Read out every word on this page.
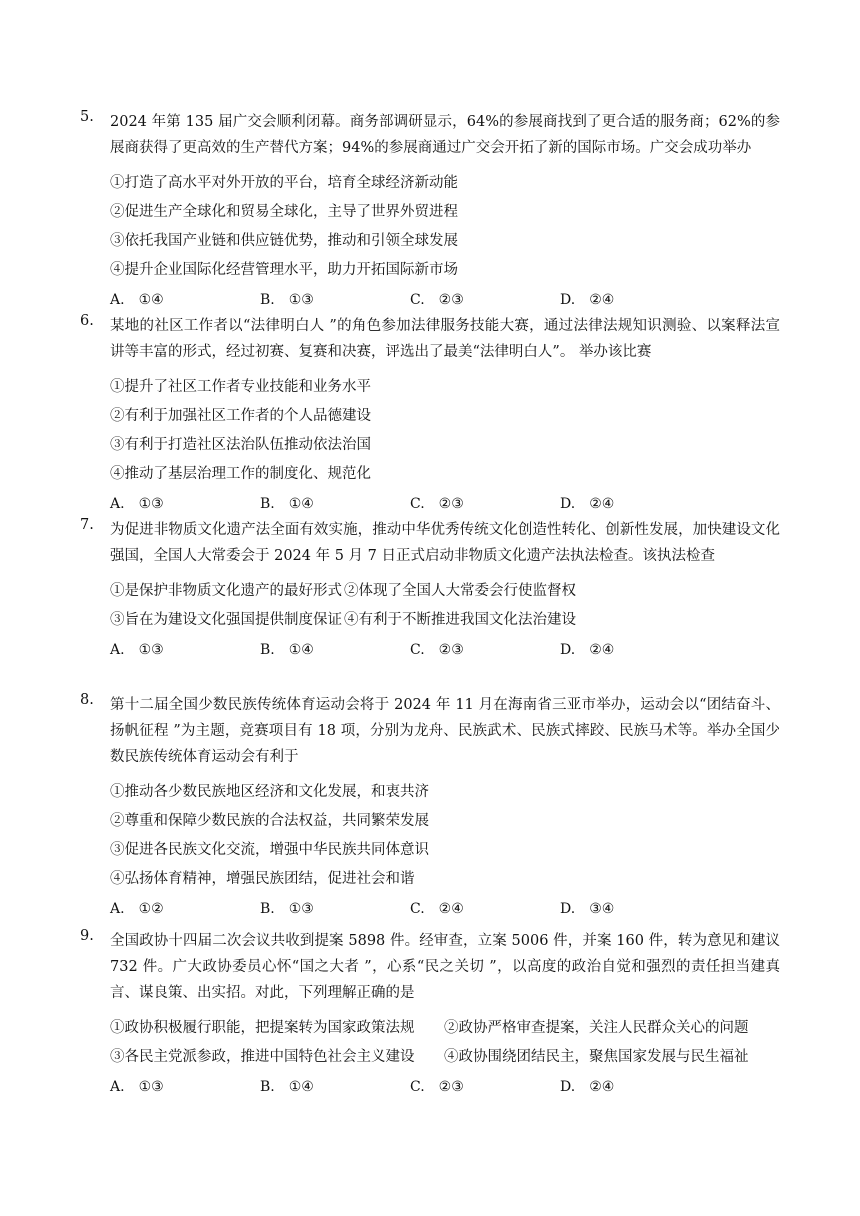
5.	2024 年第 135 届广交会顺利闭幕。商务部调研显示，64%的参展商找到了更合适的服务商；62%的参展商获得了更高效的生产替代方案；94%的参展商通过广交会开拓了新的国际市场。广交会成功举办
①打造了高水平对外开放的平台，培育全球经济新动能
②促进生产全球化和贸易全球化，主导了世界外贸进程
③依托我国产业链和供应链优势，推动和引领全球发展
④提升企业国际化经营管理水平，助力开拓国际新市场
A. ①④	B. ①③	C. ②③	D. ②④
6.	某地的社区工作者以“法律明白人 ”的角色参加法律服务技能大赛，通过法律法规知识测验、以案释法宣讲等丰富的形式，经过初赛、复赛和决赛，评选出了最美“法律明白人”。 举办该比赛
①提升了社区工作者专业技能和业务水平
②有利于加强社区工作者的个人品德建设
③有利于打造社区法治队伍推动依法治国
④推动了基层治理工作的制度化、规范化
A. ①③	B. ①④	C. ②③	D. ②④
7.	为促进非物质文化遗产法全面有效实施，推动中华优秀传统文化创造性转化、创新性发展，加快建设文化强国，全国人大常委会于 2024 年 5 月 7 日正式启动非物质文化遗产法执法检查。该执法检查
①是保护非物质文化遗产的最好形式 ②体现了全国人大常委会行使监督权
③旨在为建设文化强国提供制度保证 ④有利于不断推进我国文化法治建设
A. ①③	B. ①④	C. ②③	D. ②④
8.	第十二届全国少数民族传统体育运动会将于 2024 年 11 月在海南省三亚市举办，运动会以“团结奋斗、扬帆征程 ”为主题，竞赛项目有 18 项，分别为龙舟、民族武术、民族式摔跤、民族马术等。举办全国少数民族传统体育运动会有利于
①推动各少数民族地区经济和文化发展，和衷共济
②尊重和保障少数民族的合法权益，共同繁荣发展
③促进各民族文化交流，增强中华民族共同体意识
④弘扬体育精神，增强民族团结，促进社会和谐
A. ①②	B. ①③	C. ②④	D. ③④
9.	全国政协十四届二次会议共收到提案 5898 件。经审查，立案 5006 件，并案 160 件，转为意见和建议 732 件。广大政协委员心怀“国之大者 ”，心系“民之关切 ”，以高度的政治自觉和强烈的责任担当建真言、谋良策、出实招。对此，下列理解正确的是
①政协积极履行职能，把提案转为国家政策法规	②政协严格审查提案，关注人民群众关心的问题
③各民主党派参政，推进中国特色社会主义建设	④政协围绕团结民主，聚焦国家发展与民生福祉
A. ①③	B. ①④	C. ②③	D. ②④
